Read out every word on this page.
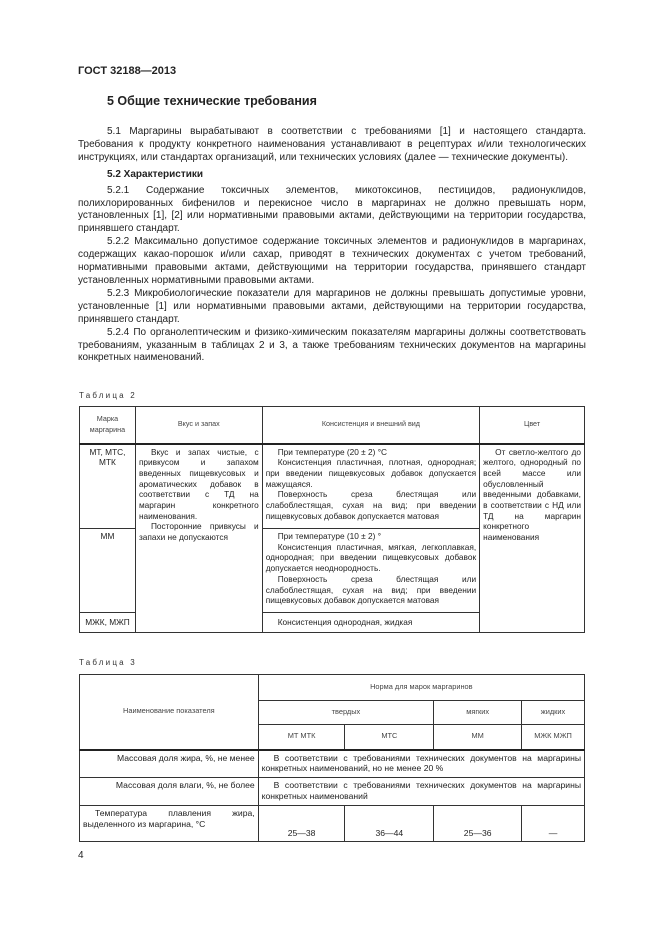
ГОСТ 32188—2013
5 Общие технические требования

5.1 Маргарины вырабатывают в соответствии с требованиями [1] и настоящего стандарта. Требования к продукту конкретного наименования устанавливают в рецептурах и/или технологических инструкциях, или стандартах организаций, или технических условиях (далее — технические документы).

5.2 Характеристики

5.2.1 Содержание токсичных элементов, микотоксинов, пестицидов, радионуклидов, полихлорированных бифенилов и перекисное число в маргаринах не должно превышать норм, установленных [1], [2] или нормативными правовыми актами, действующими на территории государства, принявшего стандарт.

5.2.2 Максимально допустимое содержание токсичных элементов и радионуклидов в маргаринах, содержащих какао-порошок и/или сахар, приводят в технических документах с учетом требований, нормативными правовыми актами, действующими на территории государства, принявшего стандарт установленных нормативными правовыми актами.

5.2.3 Микробиологические показатели для маргаринов не должны превышать допустимые уровни, установленные [1] или нормативными правовыми актами, действующими на территории государства, принявшего стандарт.

5.2.4 По органолептическим и физико-химическим показателям маргарины должны соответствовать требованиям, указанным в таблицах 2 и 3, а также требованиям технических документов на маргарины конкретных наименований.

Таблица 2
Марка маргарина	Вкус и запах	Консистенция и внешний вид	Цвет
МТ, МТС, МТК	Вкус и запах чистые, с привкусом и запахом введенных пищевкусовых и ароматических добавок в соответствии с ТД на маргарин конкретного наименования.
Посторонние привкусы и запахи не допускаются	При температуре (20 ± 2) °С
Консистенция пластичная, плотная, однородная; при введении пищевкусовых добавок допускается мажущаяся.
Поверхность среза блестящая или слабоблестящая, сухая на вид; при введении пищевкусовых добавок допускается матовая	От светло-желтого до желтого, однородный по всей массе или обусловленный введенными добавками, в соответствии с НД или ТД на маргарин конкретного наименования

ММ		При температуре (10 ± 2) °
Консистенция пластичная, мягкая, легкоплавкая, однородная; при введении пищевкусовых добавок допускается неоднородность.
Поверхность среза блестящая или слабоблестящая, сухая на вид; при введении пищевкусовых добавок допускается матовая	

МЖК, МЖП		Консистенция однородная, жидкая	
Таблица 3
Наименование показателя	Норма для марок маргаринов			
	твердых		мягких	жидких
	МТ МТК	МТС	ММ	МЖК МЖП
Массовая доля жира, %, не менее	В соответствии с требованиями технических документов на маргарины конкретных наименований, но не менее 20 %			

Массовая доля влаги, %, не более	В соответствии с требованиями технических документов на маргарины конкретных наименований			

Температура плавления жира, выделенного из маргарина, °С	25—38	36—44	25—36	—
4
